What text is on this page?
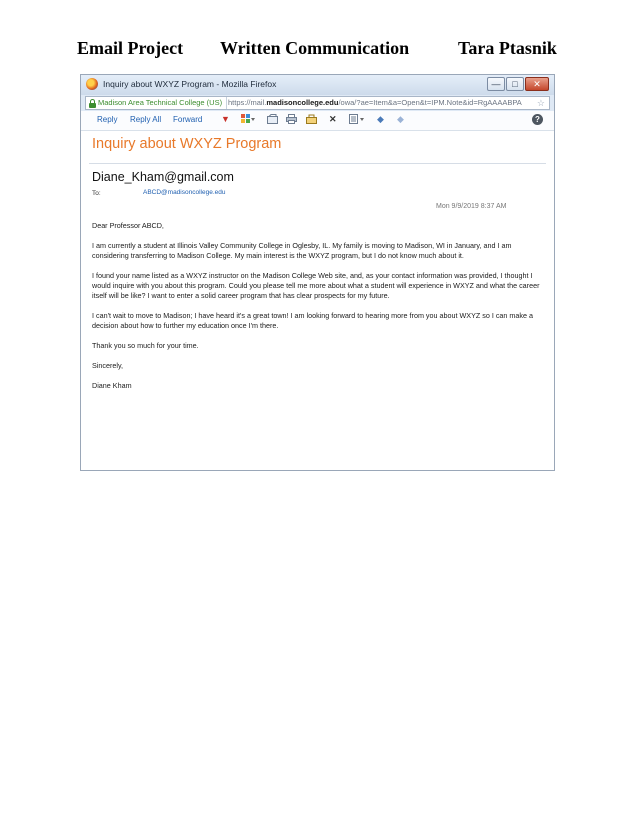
Email Project Written Communication	Tara Ptasnik
Inquiry about WXYZ Program - Mozilla Firefox	—	□	✕
Madison Area Technical College (US) https://mail.madisoncollege.edu/owa/?ae=Item&a=Open&t=IPM.Note&id=RgAAAABPA ☆
Reply Reply All Forward ▼	✕	◆ ◆	?
Inquiry about WXYZ Program
Diane_Kham@gmail.com
To:	ABCD@madisoncollege.edu
Mon 9/9/2019 8:37 AM

Dear Professor ABCD,

I am currently a student at Illinois Valley Community College in Oglesby, IL. My family is moving to Madison, WI in January, and I am considering transferring to Madison College. My main interest is the WXYZ program, but I do not know much about it.

I found your name listed as a WXYZ instructor on the Madison College Web site, and, as your contact information was provided, I thought I would inquire with you about this program. Could you please tell me more about what a student will experience in WXYZ and what the career itself will be like? I want to enter a solid career program that has clear prospects for my future.

I can't wait to move to Madison; I have heard it's a great town! I am looking forward to hearing more from you about WXYZ so I can make a decision about how to further my education once I'm there.

Thank you so much for your time.

Sincerely,

Diane Kham
